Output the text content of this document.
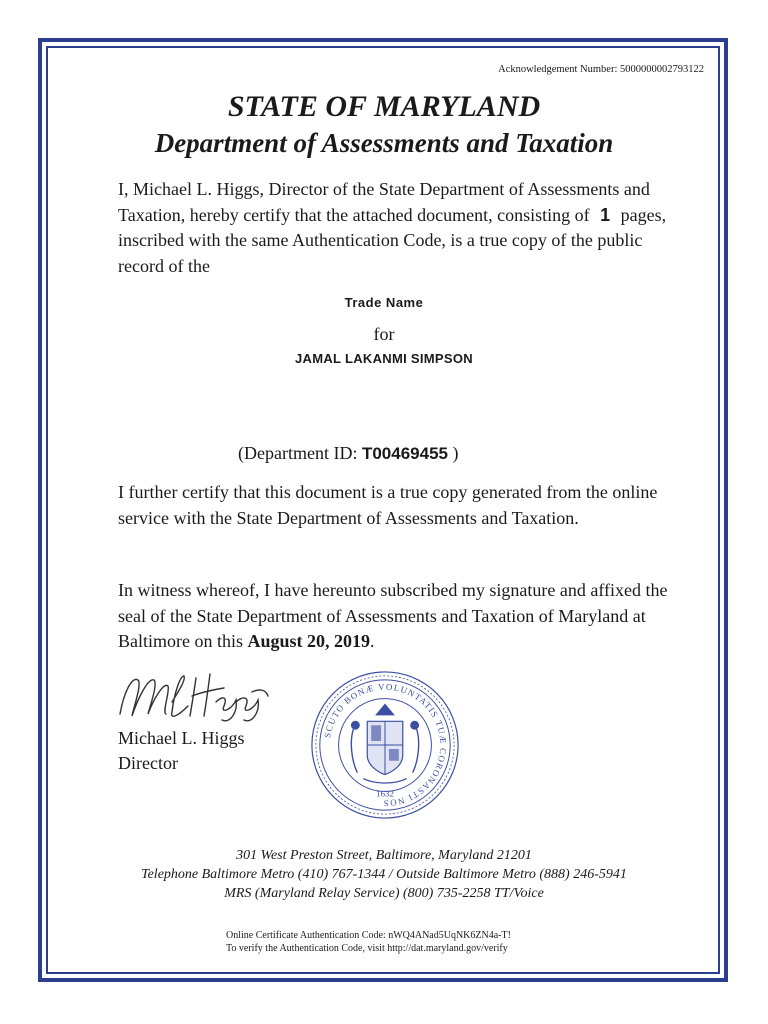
Acknowledgement Number: 5000000002793122
STATE OF MARYLAND
Department of Assessments and Taxation
I, Michael L. Higgs, Director of the State Department of Assessments and Taxation, hereby certify that the attached document, consisting of 1 pages, inscribed with the same Authentication Code, is a true copy of the public record of the
Trade Name
for
JAMAL LAKANMI SIMPSON
(Department ID: T00469455 )
I further certify that this document is a true copy generated from the online service with the State Department of Assessments and Taxation.
In witness whereof, I have hereunto subscribed my signature and affixed the seal of the State Department of Assessments and Taxation of Maryland at Baltimore on this August 20, 2019.
Michael L. Higgs
Director
SCUTO BONÆ VOLUNTATIS TUÆ CORONASTI NOS
1632
301 West Preston Street, Baltimore, Maryland 21201
Telephone Baltimore Metro (410) 767-1344 / Outside Baltimore Metro (888) 246-5941
MRS (Maryland Relay Service) (800) 735-2258 TT/Voice
Online Certificate Authentication Code: nWQ4ANad5UqNK6ZN4a-T!
To verify the Authentication Code, visit http://dat.maryland.gov/verify
